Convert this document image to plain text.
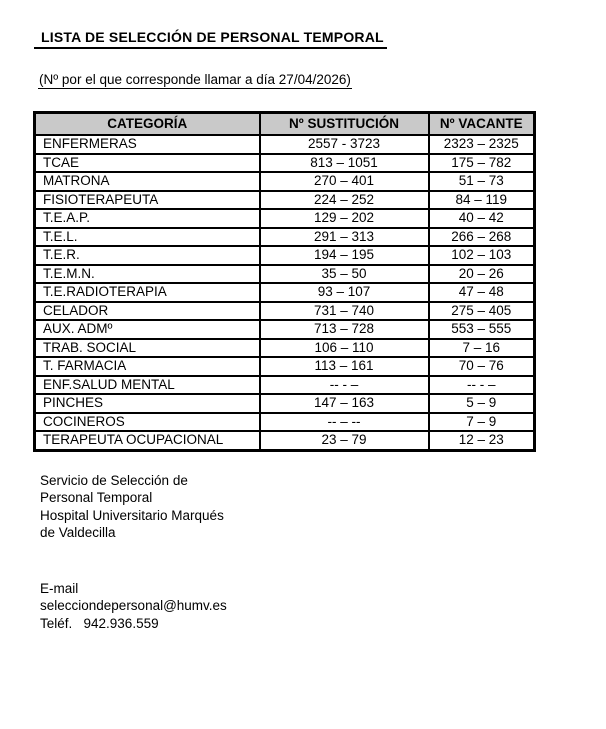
LISTA DE SELECCIÓN DE PERSONAL TEMPORAL
(Nº por el que corresponde llamar a día 27/04/2026)
CATEGORÍA	Nº SUSTITUCIÓN	Nº VACANTE
ENFERMERAS	2557 - 3723	2323 – 2325
TCAE	813 – 1051	175 – 782
MATRONA	270 – 401	51 – 73
FISIOTERAPEUTA	224 – 252	84 – 119
T.E.A.P.	129 – 202	40 – 42
T.E.L.	291 – 313	266 – 268
T.E.R.	194 – 195	102 – 103
T.E.M.N.	35 – 50	20 – 26
T.E.RADIOTERAPIA	93 – 107	47 – 48
CELADOR	731 – 740	275 – 405
AUX. ADMº	713 – 728	553 – 555
TRAB. SOCIAL	106 – 110	7 – 16
T. FARMACIA	113 – 161	70 – 76
ENF.SALUD MENTAL	-- - –	-- - –
PINCHES	147 – 163	5 – 9
COCINEROS	-- – --	7 – 9
TERAPEUTA OCUPACIONAL	23 – 79	12 – 23
Servicio de Selección de
Personal Temporal
Hospital Universitario Marqués
de Valdecilla
E-mail
selecciondepersonal@humv.es
Teléf.   942.936.559
